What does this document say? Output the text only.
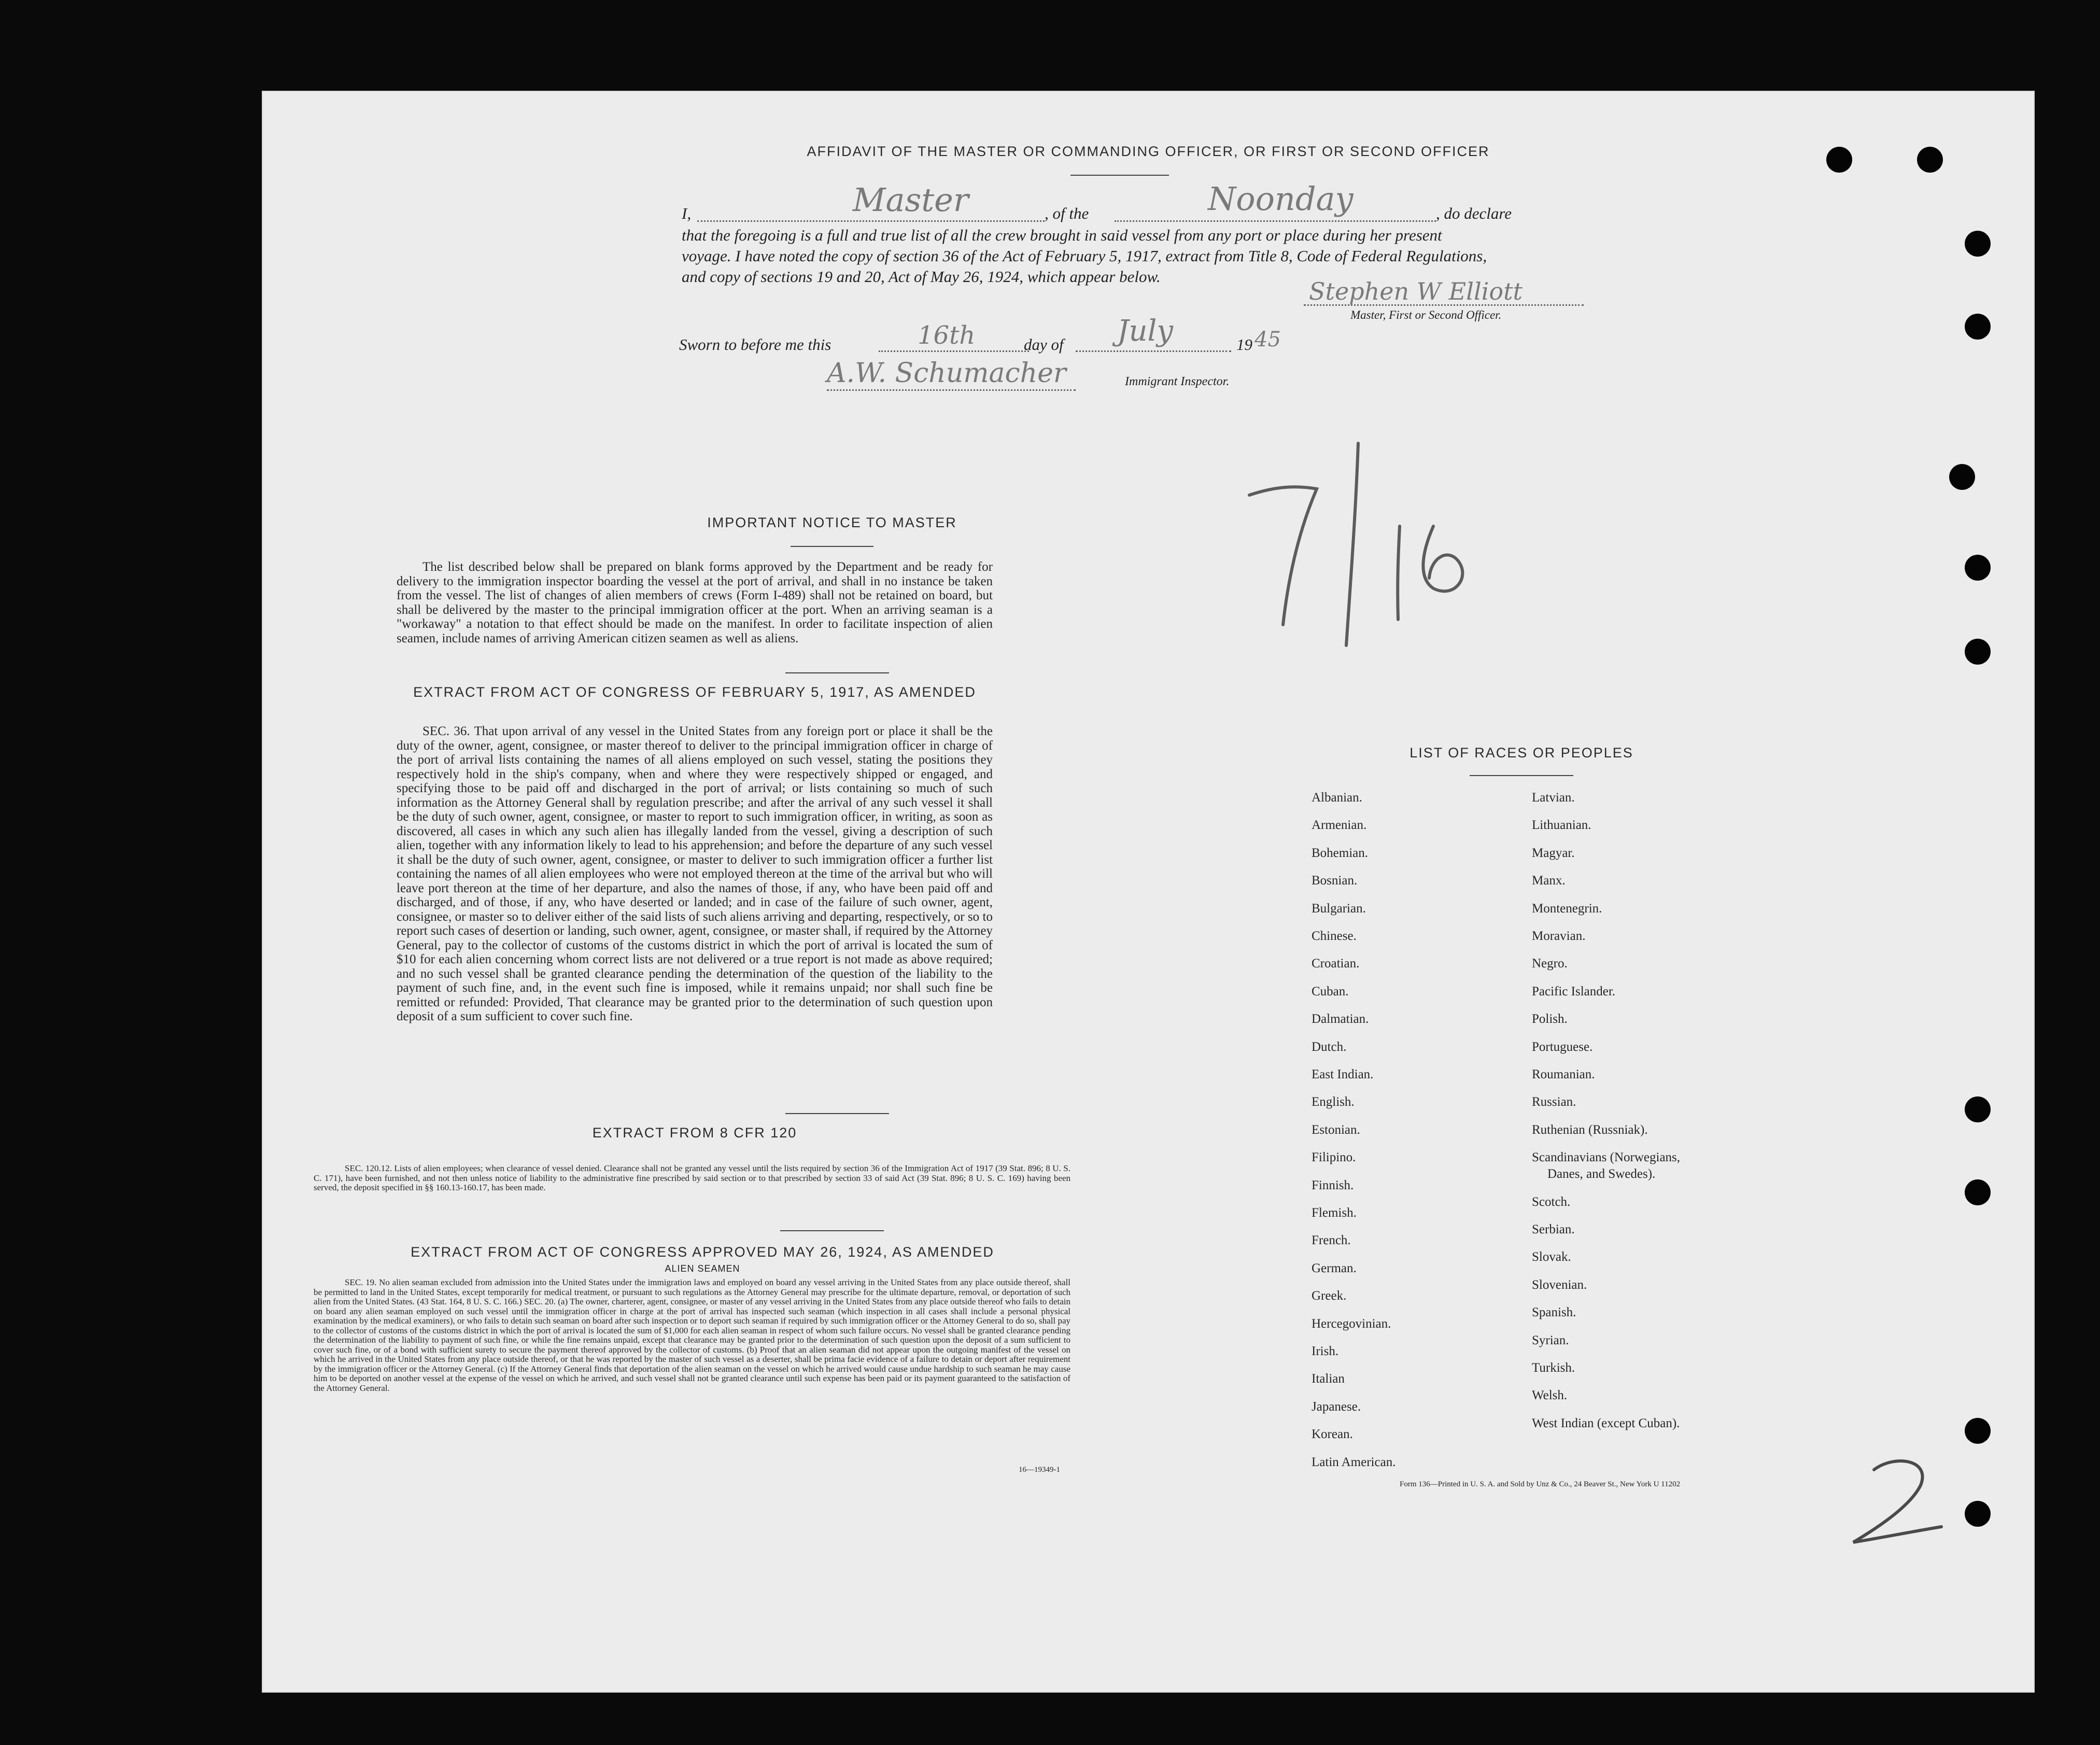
AFFIDAVIT OF THE MASTER OR COMMANDING OFFICER, OR FIRST OR SECOND OFFICER
I,	Master	, of the	Noonday	, do declare
that the foregoing is a full and true list of all the crew brought in said vessel from any port or place during her present
voyage. I have noted the copy of section 36 of the Act of February 5, 1917, extract from Title 8, Code of Federal Regulations,
and copy of sections 19 and 20, Act of May 26, 1924, which appear below.
Stephen W Elliott
Master, First or Second Officer.
Sworn to before me this	16th	day of July	19 45
A.W. Schumacher	Immigrant Inspector.
IMPORTANT NOTICE TO MASTER
The list described below shall be prepared on blank forms approved by the Department and be ready for delivery to the immigration inspector boarding the vessel at the port of arrival, and shall in no instance be taken from the vessel. The list of changes of alien members of crews (Form I-489) shall not be retained on board, but shall be delivered by the master to the principal immigration officer at the port. When an arriving seaman is a "workaway" a notation to that effect should be made on the manifest. In order to facilitate inspection of alien seamen, include names of arriving American citizen seamen as well as aliens.
EXTRACT FROM ACT OF CONGRESS OF FEBRUARY 5, 1917, AS AMENDED
SEC. 36. That upon arrival of any vessel in the United States from any foreign port or place it shall be the duty of the owner, agent, consignee, or master thereof to deliver to the principal immigration officer in charge of the port of arrival lists containing the names of all aliens employed on such vessel, stating the positions they respectively hold in the ship's company, when and where they were respectively shipped or engaged, and specifying those to be paid off and discharged in the port of arrival; or lists containing so much of such information as the Attorney General shall by regulation prescribe; and after the arrival of any such vessel it shall be the duty of such owner, agent, consignee, or master to report to such immigration officer, in writing, as soon as discovered, all cases in which any such alien has illegally landed from the vessel, giving a description of such alien, together with any information likely to lead to his apprehension; and before the departure of any such vessel it shall be the duty of such owner, agent, consignee, or master to deliver to such immigration officer a further list containing the names of all alien employees who were not employed thereon at the time of the arrival but who will leave port thereon at the time of her departure, and also the names of those, if any, who have been paid off and discharged, and of those, if any, who have deserted or landed; and in case of the failure of such owner, agent, consignee, or master so to deliver either of the said lists of such aliens arriving and departing, respectively, or so to report such cases of desertion or landing, such owner, agent, consignee, or master shall, if required by the Attorney General, pay to the collector of customs of the customs district in which the port of arrival is located the sum of $10 for each alien concerning whom correct lists are not delivered or a true report is not made as above required; and no such vessel shall be granted clearance pending the determination of the question of the liability to the payment of such fine, and, in the event such fine is imposed, while it remains unpaid; nor shall such fine be remitted or refunded: Provided, That clearance may be granted prior to the determination of such question upon deposit of a sum sufficient to cover such fine.
EXTRACT FROM 8 CFR 120
SEC. 120.12. Lists of alien employees; when clearance of vessel denied. Clearance shall not be granted any vessel until the lists required by section 36 of the Immigration Act of 1917 (39 Stat. 896; 8 U. S. C. 171), have been furnished, and not then unless notice of liability to the administrative fine prescribed by said section or to that prescribed by section 33 of said Act (39 Stat. 896; 8 U. S. C. 169) having been served, the deposit specified in §§ 160.13-160.17, has been made.
EXTRACT FROM ACT OF CONGRESS APPROVED MAY 26, 1924, AS AMENDED
ALIEN SEAMEN
SEC. 19. No alien seaman excluded from admission into the United States under the immigration laws and employed on board any vessel arriving in the United States from any place outside thereof, shall be permitted to land in the United States, except temporarily for medical treatment, or pursuant to such regulations as the Attorney General may prescribe for the ultimate departure, removal, or deportation of such alien from the United States. (43 Stat. 164, 8 U. S. C. 166.) SEC. 20. (a) The owner, charterer, agent, consignee, or master of any vessel arriving in the United States from any place outside thereof who fails to detain on board any alien seaman employed on such vessel until the immigration officer in charge at the port of arrival has inspected such seaman (which inspection in all cases shall include a personal physical examination by the medical examiners), or who fails to detain such seaman on board after such inspection or to deport such seaman if required by such immigration officer or the Attorney General to do so, shall pay to the collector of customs of the customs district in which the port of arrival is located the sum of $1,000 for each alien seaman in respect of whom such failure occurs. No vessel shall be granted clearance pending the determination of the liability to payment of such fine, or while the fine remains unpaid, except that clearance may be granted prior to the determination of such question upon the deposit of a sum sufficient to cover such fine, or of a bond with sufficient surety to secure the payment thereof approved by the collector of customs. (b) Proof that an alien seaman did not appear upon the outgoing manifest of the vessel on which he arrived in the United States from any place outside thereof, or that he was reported by the master of such vessel as a deserter, shall be prima facie evidence of a failure to detain or deport after requirement by the immigration officer or the Attorney General. (c) If the Attorney General finds that deportation of the alien seaman on the vessel on which he arrived would cause undue hardship to such seaman he may cause him to be deported on another vessel at the expense of the vessel on which he arrived, and such vessel shall not be granted clearance until such expense has been paid or its payment guaranteed to the satisfaction of the Attorney General.
16—19349-1
LIST OF RACES OR PEOPLES
Albanian.
Armenian.
Bohemian.
Bosnian.
Bulgarian.
Chinese.
Croatian.
Cuban.
Dalmatian.
Dutch.
East Indian.
English.
Estonian.
Filipino.
Finnish.
Flemish.
French.
German.
Greek.
Hercegovinian.
Irish.
Italian
Japanese.
Korean.
Latin American.
Latvian.
Lithuanian.
Magyar.
Manx.
Montenegrin.
Moravian.
Negro.
Pacific Islander.
Polish.
Portuguese.
Roumanian.
Russian.
Ruthenian (Russniak).
Scandinavians (Norwegians,
Danes, and Swedes).
Scotch.
Serbian.
Slovak.
Slovenian.
Spanish.
Syrian.
Turkish.
Welsh.
West Indian (except Cuban).
Form 136—Printed in U. S. A. and Sold by Unz & Co., 24 Beaver St., New York U 11202
